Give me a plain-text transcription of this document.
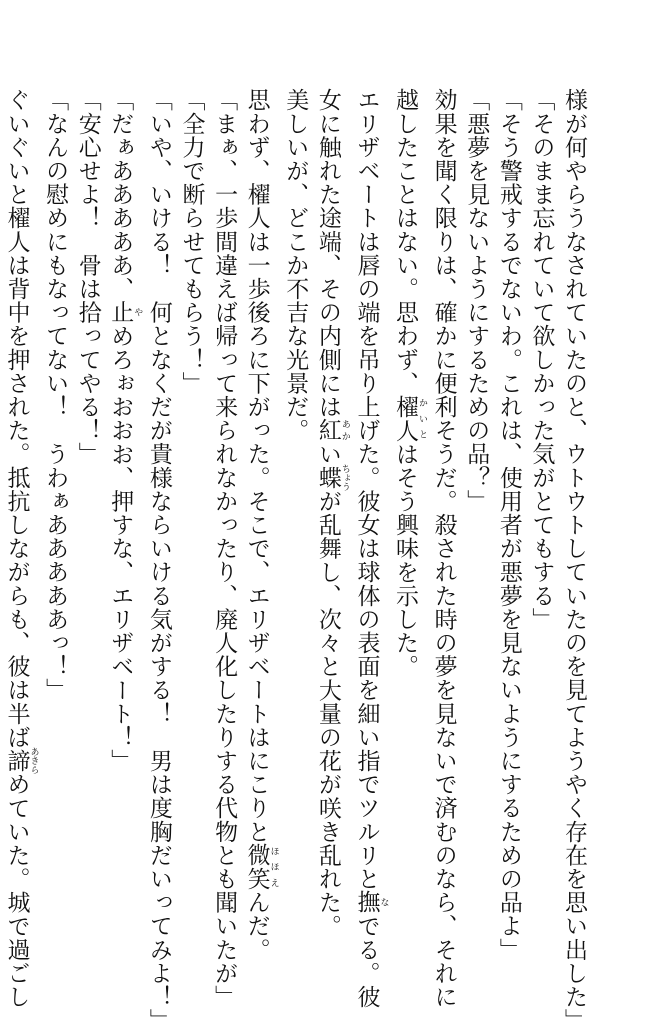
様が何やらうなされていたのと、ウトウトしていたのを見てようやく存在を思い出した」

「そのまま忘れていて欲しかった気がとてもする」

「そう警戒するでないわ。これは、使用者が悪夢を見ないようにするための品よ」

「悪夢を見ないようにするための品？」

効果を聞く限りは、確かに便利そうだ。殺された時の夢を見ないで済むのなら、それに

越したことはない。思わず、櫂人 かいとはそう興味を示した。

エリザベートは唇の端を吊り上げた。彼女は球体の表面を細い指でツルリと撫 なでる。彼

女に触れた途端、その内側には紅 あかい蝶 ちょうが乱舞し、次々と大量の花が咲き乱れた。

美しいが、どこか不吉な光景だ。

思わず、櫂人は一歩後ろに下がった。そこで、エリザベートはにこりと微笑 ほほえんだ。

「まぁ、一歩間違えば帰って来られなかったり、廃人化したりする代物とも聞いたが」

「全力で断らせてもらう！」

「いや、いける！　何となくだが貴様ならいける気がする！　男は度胸だいってみよ！」

「だぁあああああ、止 やめろぉおおお、押すな、エリザベート！」

「安心せよ！　骨は拾ってやる！」

「なんの慰めにもなってない！　うわぁあああああっ！」

ぐいぐいと櫂人は背中を押された。抵抗しながらも、彼は半ば諦 あきらめていた。城で過ごし
